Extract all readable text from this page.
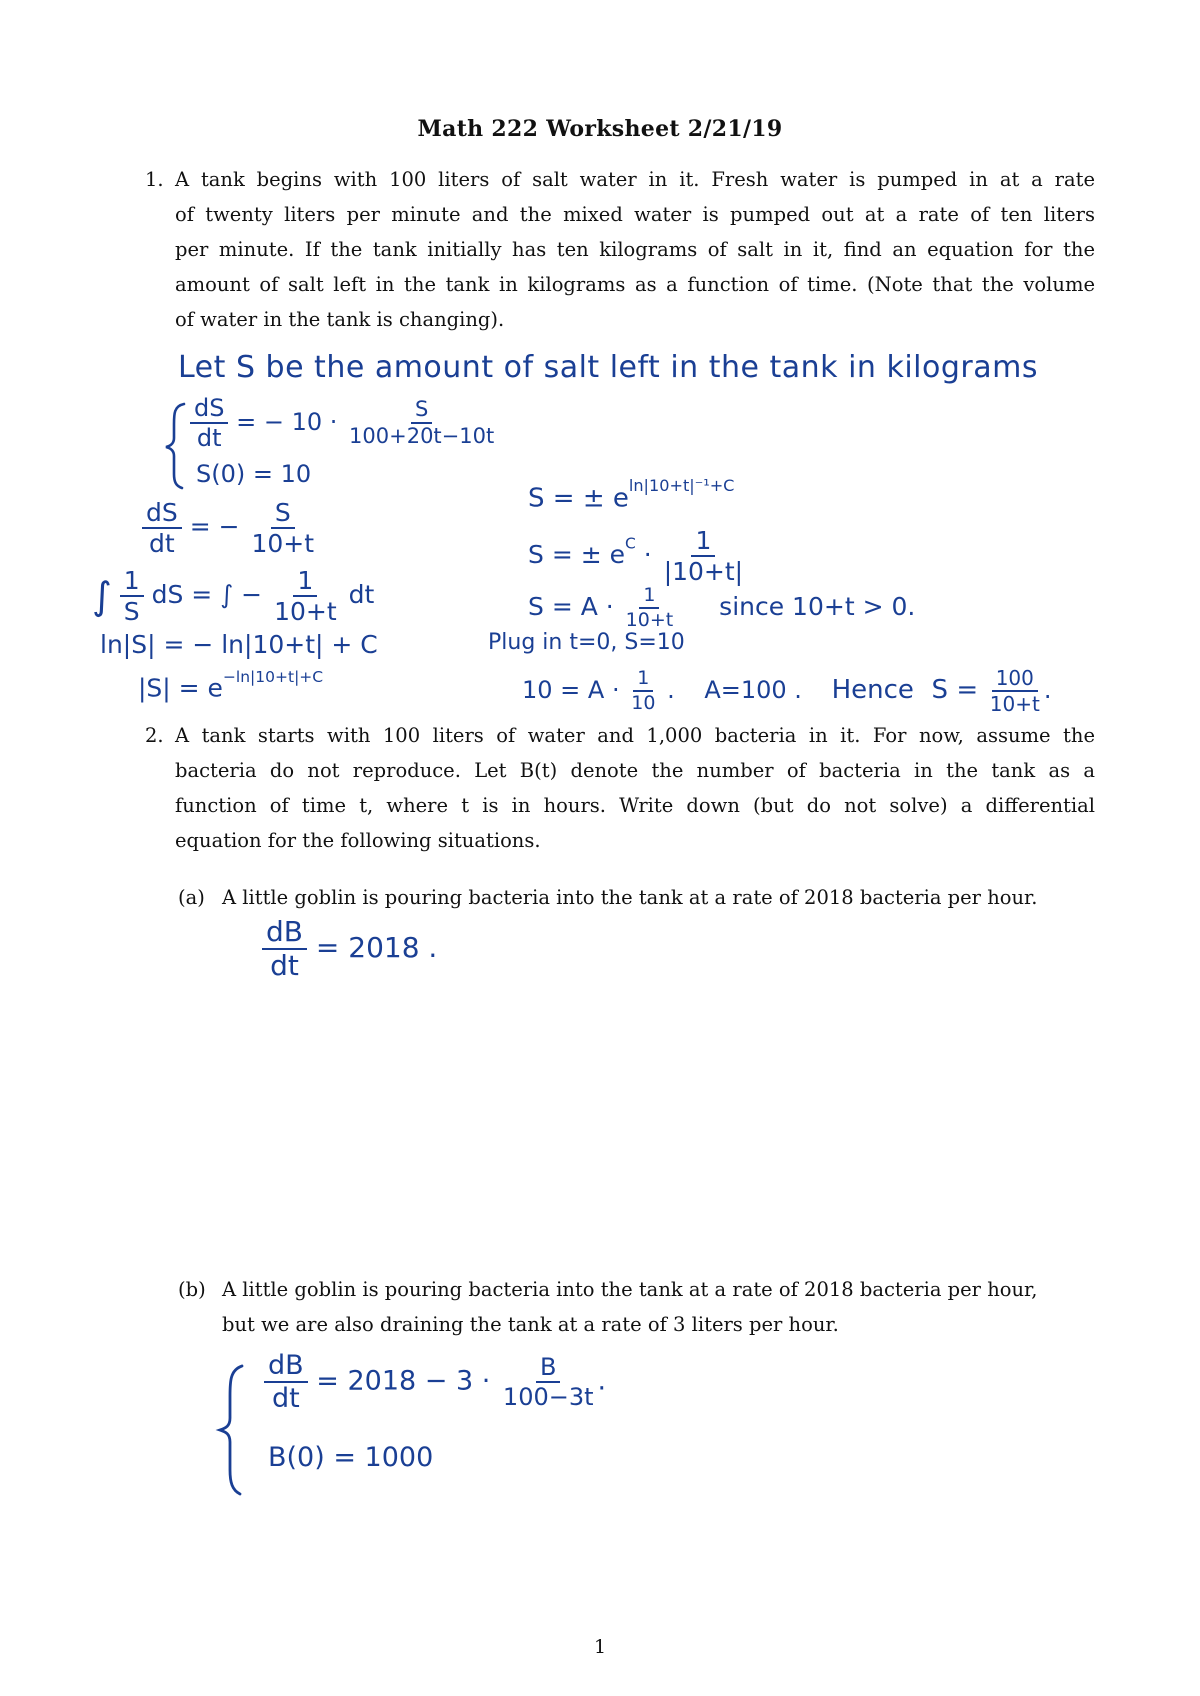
Math 222 Worksheet 2/21/19
1. A tank begins with 100 liters of salt water in it. Fresh water is pumped in at a rate
of twenty liters per minute and the mixed water is pumped out at a rate of ten liters
per minute. If the tank initially has ten kilograms of salt in it, find an equation for the
amount of salt left in the tank in kilograms as a function of time. (Note that the volume
of water in the tank is changing).
Let S be the amount of salt left in the tank in kilograms
$\frac{dS}{dt}$ = − $10 \cdot \frac{S}{100+20t-10t}$
S(0) = 10
$\frac{dS}{dt}$ = − $\frac{S}{10+t}$
∫ $\frac{1}{S}$ dS = ∫ − $\frac{1}{10+t}$ dt
ln|S| = − ln|10+t| + C
$|S| = e^{-ln|10+t|+C}$
S = ± $e^{ln|10+t|^{-1}+C}$
S = ± $e^C \cdot \frac{1}{|10+t|}$
$S = A \cdot \frac{1}{10+t}$ since 10+t > 0.
Plug in t=0, S=10
$10 = A \cdot \frac{1}{10}$ . A=100 . Hence $S = \frac{100}{10+t}$ .
2. A tank starts with 100 liters of water and 1,000 bacteria in it. For now, assume the
bacteria do not reproduce. Let B(t) denote the number of bacteria in the tank as a
function of time t, where t is in hours. Write down (but do not solve) a differential
equation for the following situations.
(a) A little goblin is pouring bacteria into the tank at a rate of 2018 bacteria per hour.
$\frac{dB}{dt} = 2018$ .
(b) A little goblin is pouring bacteria into the tank at a rate of 2018 bacteria per hour,
but we are also draining the tank at a rate of 3 liters per hour.
$\frac{dB}{dt} = 2018 - 3 \cdot \frac{B}{100-3t}$ .
B(0) = 1000
1
